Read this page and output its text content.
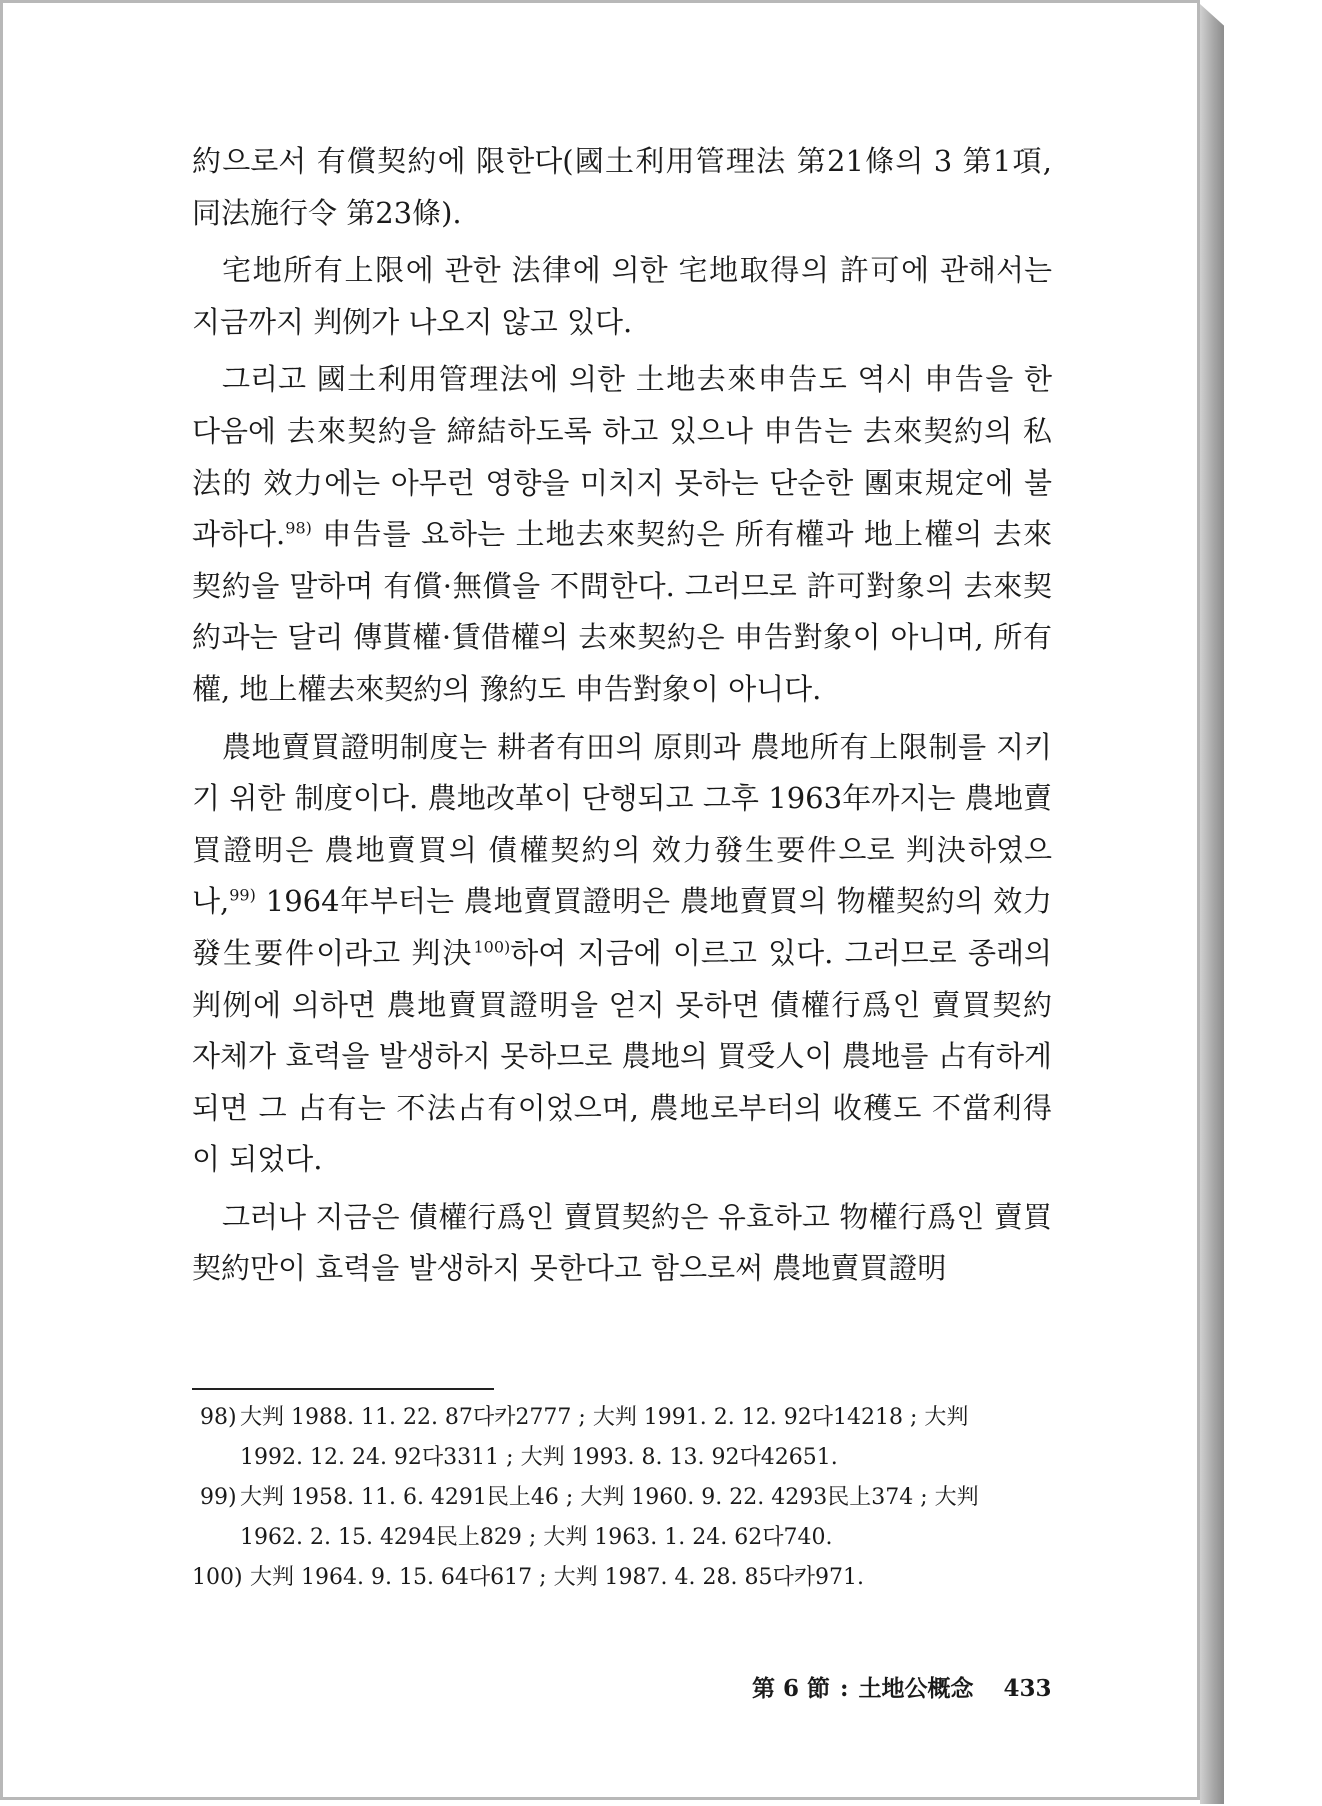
約으로서 有償契約에 限한다(國土利用管理法 第21條의 3 第1項, 同法施行令 第23條).

宅地所有上限에 관한 法律에 의한 宅地取得의 許可에 관해서는 지금까지 判例가 나오지 않고 있다.

그리고 國土利用管理法에 의한 土地去來申告도 역시 申告을 한 다음에 去來契約을 締結하도록 하고 있으나 申告는 去來契約의 私法的 效力에는 아무런 영향을 미치지 못하는 단순한 團束規定에 불과하다.$^{98)}$ 申告를 요하는 土地去來契約은 所有權과 地上權의 去來契約을 말하며 有償·無償을 不問한다. 그러므로 許可對象의 去來契約과는 달리 傳貰權·賃借權의 去來契約은 申告對象이 아니며, 所有權, 地上權去來契約의 豫約도 申告對象이 아니다.

農地賣買證明制度는 耕者有田의 原則과 農地所有上限制를 지키기 위한 制度이다. 農地改革이 단행되고 그후 1963年까지는 農地賣買證明은 農地賣買의 債權契約의 效力發生要件으로 判決하였으나,$^{99)}$ 1964年부터는 農地賣買證明은 農地賣買의 物權契約의 效力發生要件이라고 判決$^{100)}$하여 지금에 이르고 있다. 그러므로 종래의 判例에 의하면 農地賣買證明을 얻지 못하면 債權行爲인 賣買契約 자체가 효력을 발생하지 못하므로 農地의 買受人이 農地를 占有하게 되면 그 占有는 不法占有이었으며, 農地로부터의 收穫도 不當利得이 되었다.

그러나 지금은 債權行爲인 賣買契約은 유효하고 物權行爲인 賣買契約만이 효력을 발생하지 못한다고 함으로써 農地賣買證明

98) 大判 1988. 11. 22. 87다카2777 ; 大判 1991. 2. 12. 92다14218 ; 大判
1992. 12. 24. 92다3311 ; 大判 1993. 8. 13. 92다42651.
99) 大判 1958. 11. 6. 4291民上46 ; 大判 1960. 9. 22. 4293民上374 ; 大判
1962. 2. 15. 4294民上829 ; 大判 1963. 1. 24. 62다740.
100) 大判 1964. 9. 15. 64다617 ; 大判 1987. 4. 28. 85다카971.
第 6 節 : 土地公概念 433
